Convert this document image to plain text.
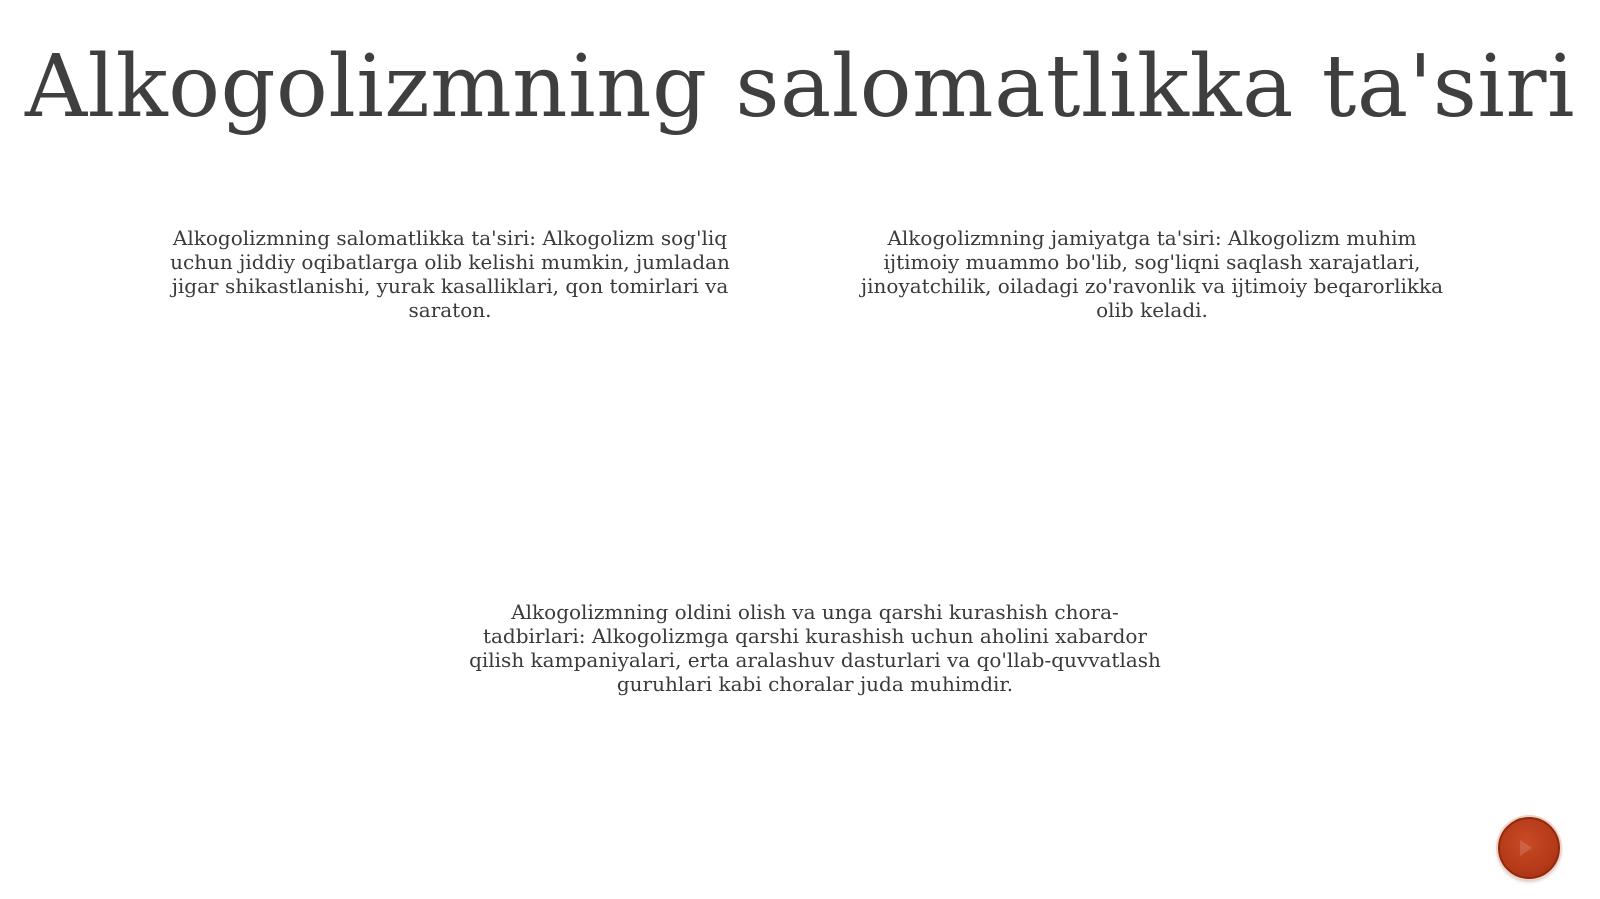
Alkogolizmning salomatlikka ta'siri

Alkogolizmning salomatlikka ta'siri: Alkogolizm sog'liq uchun jiddiy oqibatlarga olib kelishi mumkin, jumladan jigar shikastlanishi, yurak kasalliklari, qon tomirlari va saraton.

Alkogolizmning jamiyatga ta'siri: Alkogolizm muhim ijtimoiy muammo bo'lib, sog'liqni saqlash xarajatlari, jinoyatchilik, oiladagi zo'ravonlik va ijtimoiy beqarorlikka olib keladi.

Alkogolizmning oldini olish va unga qarshi kurashish chora-tadbirlari: Alkogolizmga qarshi kurashish uchun aholini xabardor qilish kampaniyalari, erta aralashuv dasturlari va qo'llab-quvvatlash guruhlari kabi choralar juda muhimdir.
